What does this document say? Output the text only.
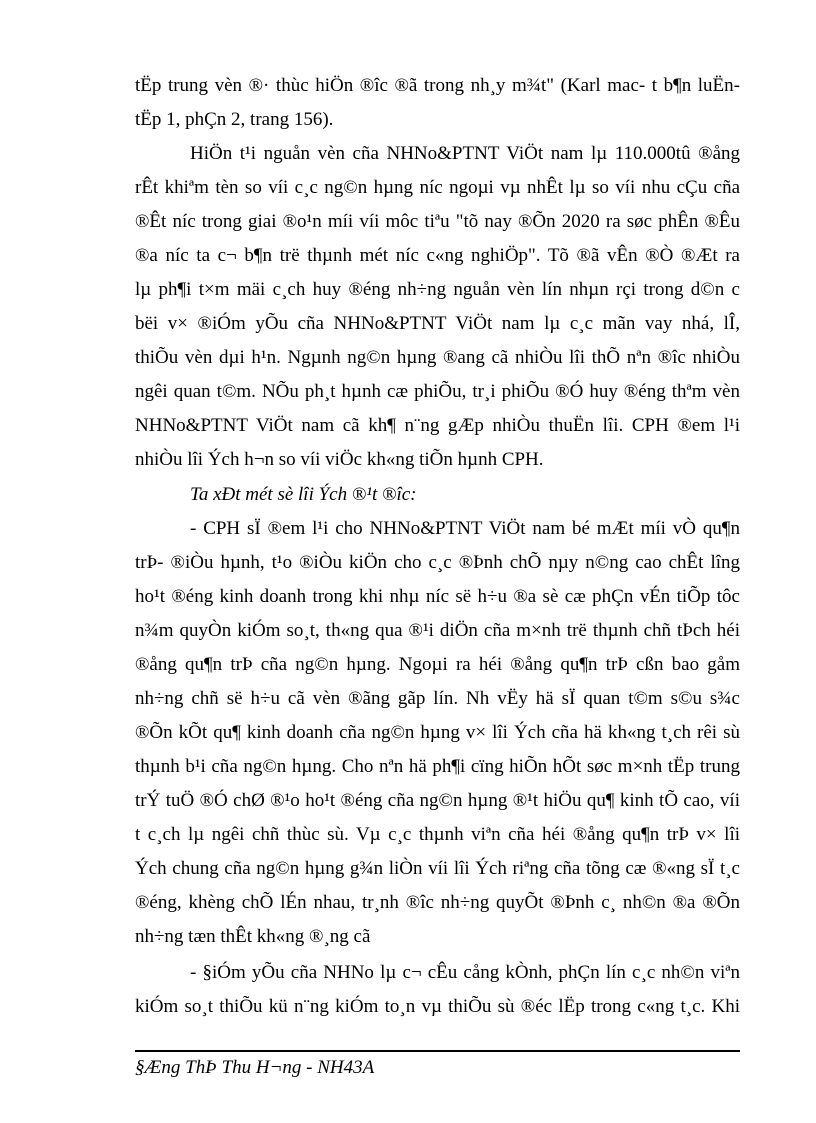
tËp trung vèn ®· thùc hiÖn ®îc ®ã trong nh¸y m¾t" (Karl mac- t b¶n luËn-
tËp 1, phÇn 2, trang 156).
HiÖn t¹i nguån vèn cña NHNo&PTNT ViÖt nam lµ 110.000tû ®ång
rÊt khiªm tèn so víi c¸c ng©n hµng níc ngoµi vµ nhÊt lµ so víi nhu cÇu cña
®Êt níc trong giai ®o¹n míi víi môc tiªu "tõ nay ®Õn 2020 ra søc phÊn ®Êu
®a níc ta c¬ b¶n trë thµnh mét níc c«ng nghiÖp". Tõ ®ã vÊn ®Ò ®Æt ra
lµ ph¶i t×m mäi c¸ch huy ®éng nh÷ng nguån vèn lín nhµn rçi trong d©n c
bëi v× ®iÓm yÕu cña NHNo&PTNT ViÖt nam lµ c¸c mãn vay nhá, lÎ,
thiÕu vèn dµi h¹n. Ngµnh ng©n hµng ®ang cã nhiÒu lîi thÕ nªn ®îc nhiÒu
ngêi quan t©m. NÕu ph¸t hµnh cæ phiÕu, tr¸i phiÕu ®Ó huy ®éng thªm vèn
NHNo&PTNT ViÖt nam cã kh¶ n¨ng gÆp nhiÒu thuËn lîi. CPH ®em l¹i
nhiÒu lîi Ých h¬n so víi viÖc kh«ng tiÕn hµnh CPH.
Ta xÐt mét sè lîi Ých ®¹t ®îc:
- CPH sÏ ®em l¹i cho NHNo&PTNT ViÖt nam bé mÆt míi vÒ qu¶n
trÞ- ®iÒu hµnh, t¹o ®iÒu kiÖn cho c¸c ®Þnh chÕ nµy n©ng cao chÊt lîng
ho¹t ®éng kinh doanh trong khi nhµ níc së h÷u ®a sè cæ phÇn vÉn tiÕp tôc
n¾m quyÒn kiÓm so¸t, th«ng qua ®¹i diÖn cña m×nh trë thµnh chñ tÞch héi
®ång qu¶n trÞ cña ng©n hµng. Ngoµi ra héi ®ång qu¶n trÞ cßn bao gåm
nh÷ng chñ së h÷u cã vèn ®ãng gãp lín. Nh vËy hä sÏ quan t©m s©u s¾c
®Õn kÕt qu¶ kinh doanh cña ng©n hµng v× lîi Ých cña hä kh«ng t¸ch rêi sù
thµnh b¹i cña ng©n hµng. Cho nªn hä ph¶i cïng hiÕn hÕt søc m×nh tËp trung
trÝ tuÖ ®Ó chØ ®¹o ho¹t ®éng cña ng©n hµng ®¹t hiÖu qu¶ kinh tÕ cao, víi
t c¸ch lµ ngêi chñ thùc sù. Vµ c¸c thµnh viªn cña héi ®ång qu¶n trÞ v× lîi
Ých chung cña ng©n hµng g¾n liÒn víi lîi Ých riªng cña tõng cæ ®«ng sÏ t¸c
®éng, khèng chÕ lÉn nhau, tr¸nh ®îc nh÷ng quyÕt ®Þnh c¸ nh©n ®a ®Õn
nh÷ng tæn thÊt kh«ng ®¸ng cã
- §iÓm yÕu cña NHNo lµ c¬ cÊu cång kÒnh, phÇn lín c¸c nh©n viªn
kiÓm so¸t thiÕu kü n¨ng kiÓm to¸n vµ thiÕu sù ®éc lËp trong c«ng t¸c. Khi
§Æng ThÞ Thu H¬ng - NH43A
